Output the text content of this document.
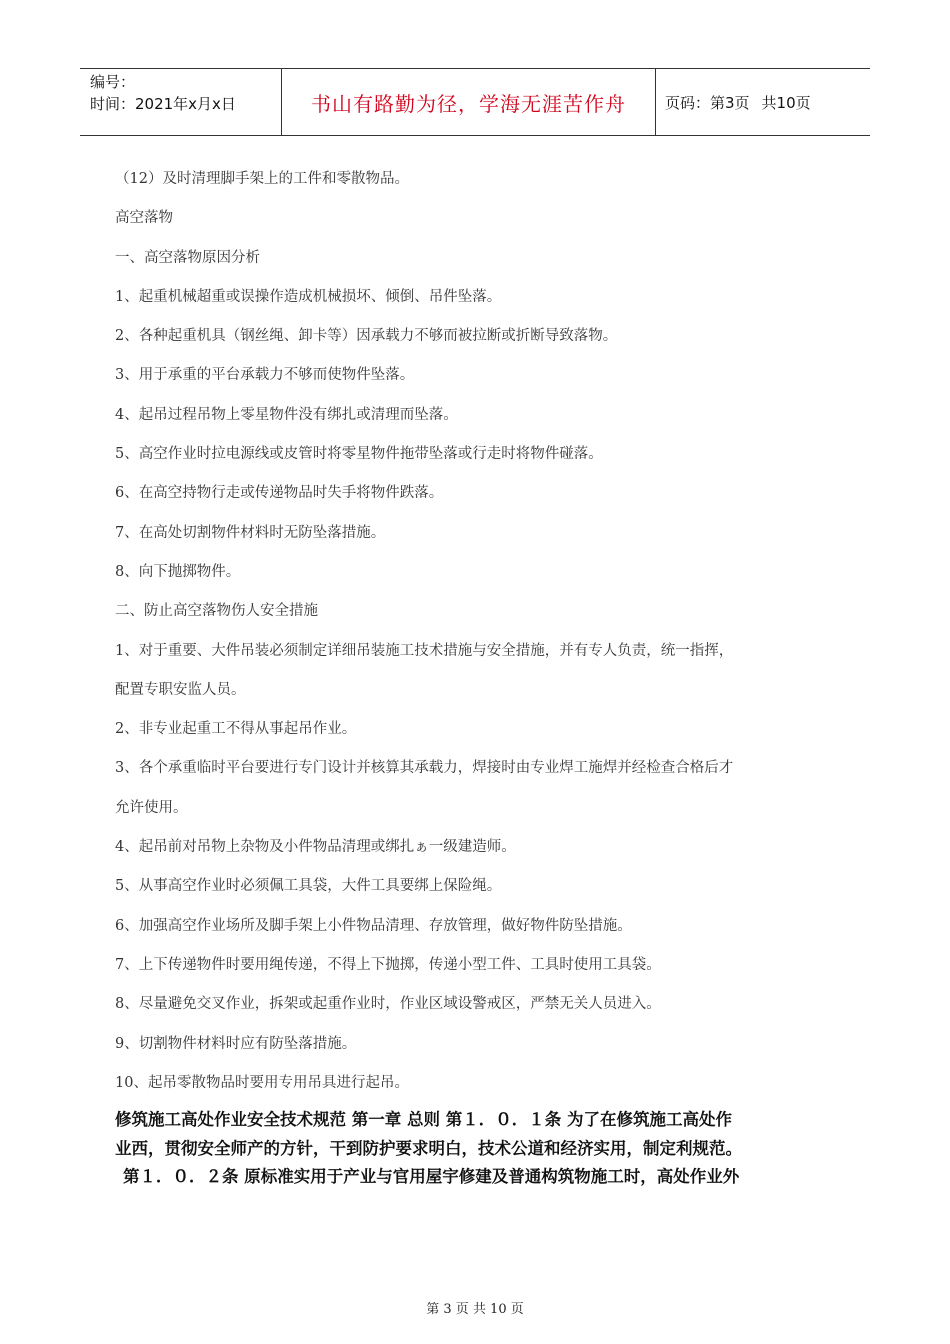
编号：
时间：2021年x月x日	书山有路勤为径，学海无涯苦作舟	页码：第3页 共10页
（12）及时清理脚手架上的工件和零散物品。
高空落物
一、高空落物原因分析
1、起重机械超重或误操作造成机械损坏、倾倒、吊件坠落。
2、各种起重机具（钢丝绳、卸卡等）因承载力不够而被拉断或折断导致落物。
3、用于承重的平台承载力不够而使物件坠落。
4、起吊过程吊物上零星物件没有绑扎或清理而坠落。
5、高空作业时拉电源线或皮管时将零星物件拖带坠落或行走时将物件碰落。
6、在高空持物行走或传递物品时失手将物件跌落。
7、在高处切割物件材料时无防坠落措施。
8、向下抛掷物件。
二、防止高空落物伤人安全措施
1、对于重要、大件吊装必须制定详细吊装施工技术措施与安全措施，并有专人负责，统一指挥，
配置专职安监人员。
2、非专业起重工不得从事起吊作业。
3、各个承重临时平台要进行专门设计并核算其承载力，焊接时由专业焊工施焊并经检查合格后才
允许使用。
4、起吊前对吊物上杂物及小件物品清理或绑扎ぁ一级建造师。
5、从事高空作业时必须佩工具袋，大件工具要绑上保险绳。
6、加强高空作业场所及脚手架上小件物品清理、存放管理，做好物件防坠措施。
7、上下传递物件时要用绳传递，不得上下抛掷，传递小型工件、工具时使用工具袋。
8、尽量避免交叉作业，拆架或起重作业时，作业区域设警戒区，严禁无关人员进入。
9、切割物件材料时应有防坠落措施。
10、起吊零散物品时要用专用吊具进行起吊。
修筑施工高处作业安全技术规范 第一章 总则 第１．０．１条 为了在修筑施工高处作
业西，贯彻安全师产的方针，干到防护要求明白，技术公道和经济实用，制定利规范。
第１．０．２条 原标准实用于产业与官用屋宇修建及普通构筑物施工时，高处作业外
第 3 页 共 10 页
